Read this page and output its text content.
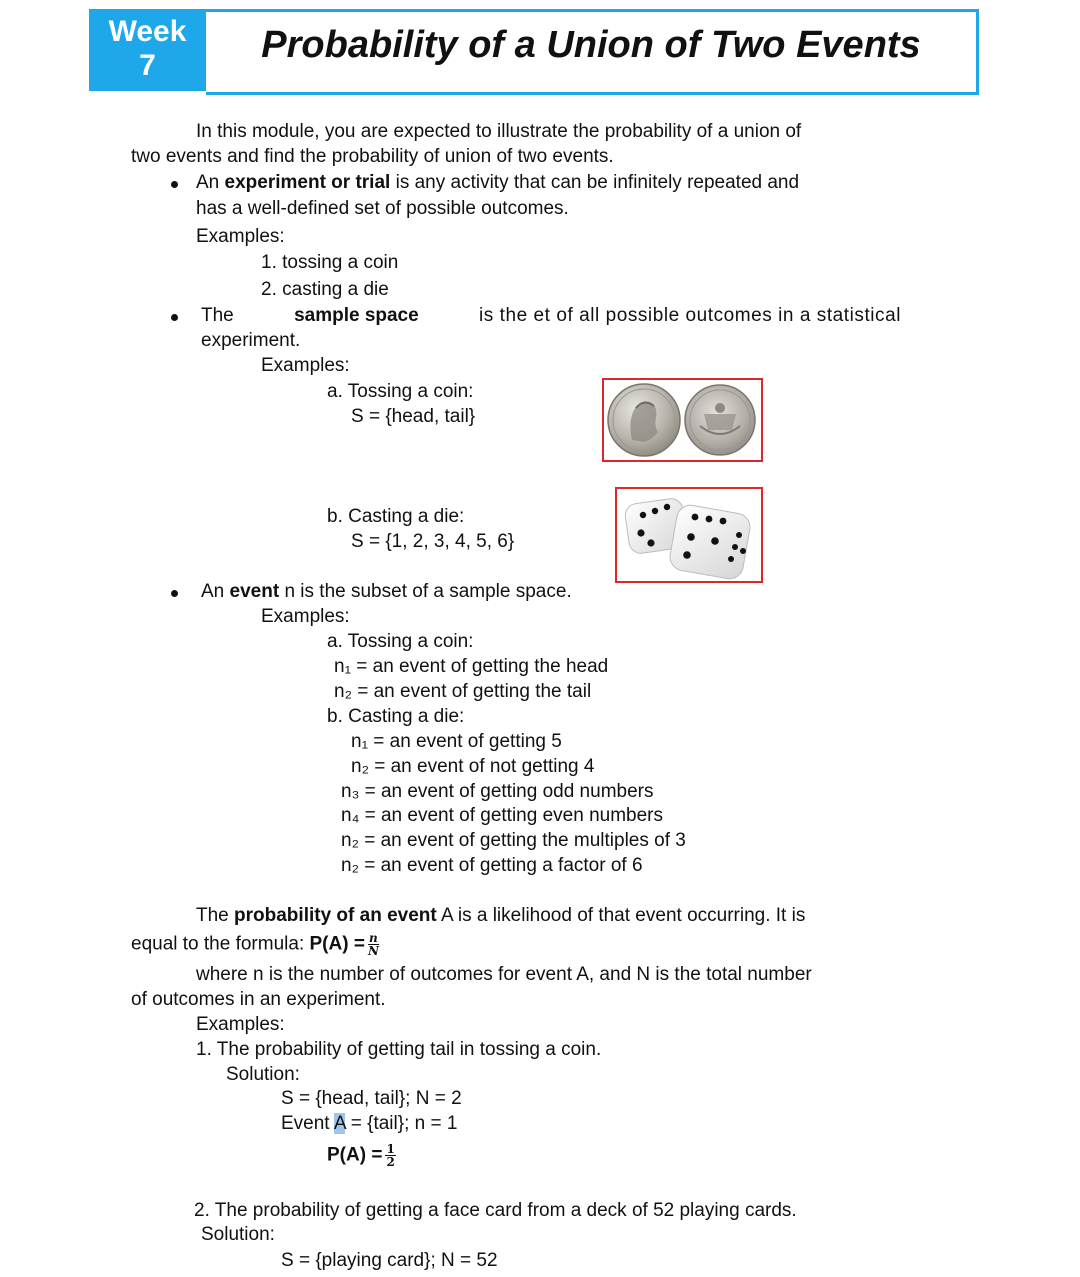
Week
7	Probability of a Union of Two Events
In this module, you are expected to illustrate the probability of a union of
two events and find the probability of union of two events.
An experiment or trial is any activity that can be infinitely repeated and
has a well-defined set of possible outcomes.
Examples:
1. tossing a coin
2. casting a die
The	sample space	is the et of all possible outcomes in a statistical
experiment.
Examples:
a. Tossing a coin:
S = {head, tail}
b. Casting a die:
S = {1, 2, 3, 4, 5, 6}
An event n is the subset of a sample space.
Examples:
a. Tossing a coin:
n₁ = an event of getting the head
n₂ = an event of getting the tail
b. Casting a die:
n₁ = an event of getting 5
n₂ = an event of not getting 4
n₃ = an event of getting odd numbers
n₄ = an event of getting even numbers
n₂ = an event of getting the multiples of 3
n₂ = an event of getting a factor of 6
The probability of an event A is a likelihood of that event occurring. It is
equal to the formula: $P(A) = \frac{n}{N}$
where n is the number of outcomes for event A, and N is the total number
of outcomes in an experiment.
Examples:
1. The probability of getting tail in tossing a coin.
Solution:
S = {head, tail}; N = 2
Event A = {tail}; n = 1
$P(A) = \frac{1}{2}$
2. The probability of getting a face card from a deck of 52 playing cards.
Solution:
S = {playing card}; N = 52
